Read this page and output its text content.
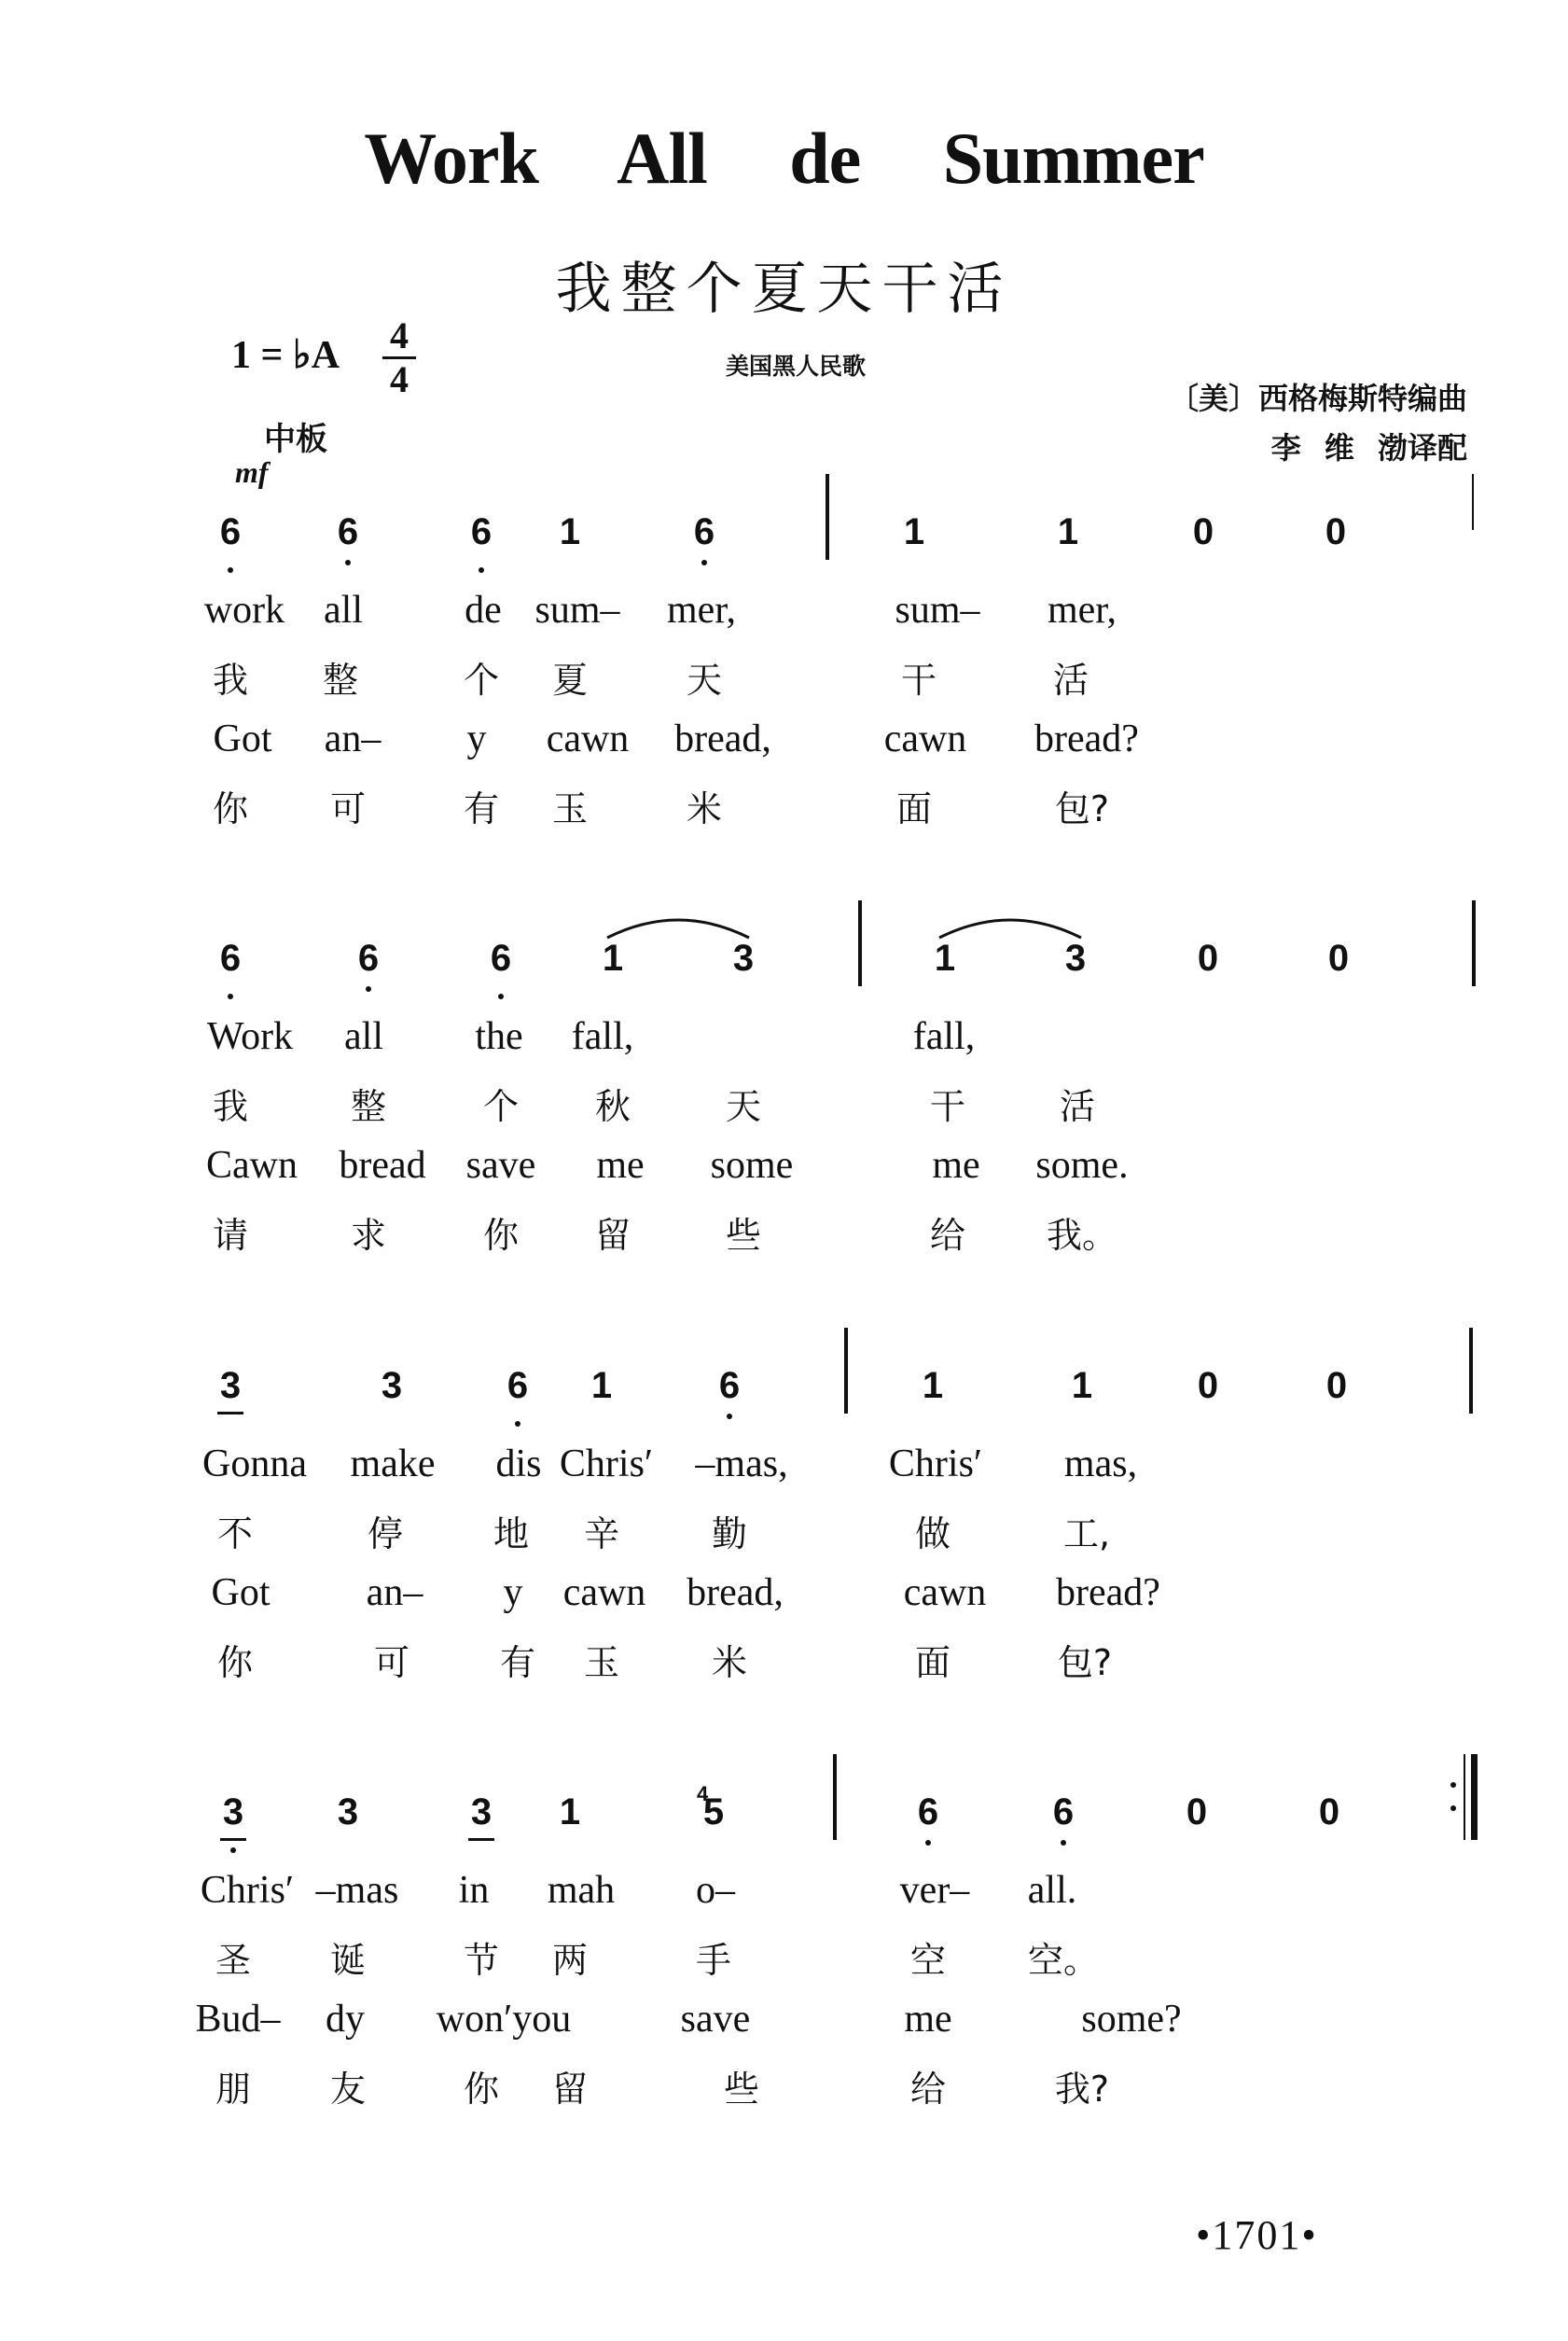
Work All de Summer
我整个夏天干活
1 = ♭A 4
4
中板
mf
美国黑人民歌
〔美〕西格梅斯特编曲
李 维 渤译配
6	6	6 1	6	1	1	0	0
work all	de sum– mer,	sum– mer,
我 整	个 夏	天	干	活
Got an– y cawn bread,	cawn bread?
你 可	有 玉	米	面	包?
6	6	6 1	3	1	3	0	0
Work all the fall,	fall,
我	整	个 秋	天	干	活
Cawn bread save me some	me some.
请	求	你 留	些	给 我。
3	3	6 1	6	1	1	0	0
Gonna make dis Chris′ –mas,	Chris′ mas,
不	停	地 辛	勤	做	工,
Got an– y cawn bread,	cawn bread?
你	可	有 玉	米	面	包?
3	3	3 1	5	6	6	0	0
4
Chris′ –mas in mah o–	ver– all.
圣 诞	节 两	手	空 空。
Bud– dy won′you	save	me	some?
朋 友	你 留	些	给	我?
•1701•
